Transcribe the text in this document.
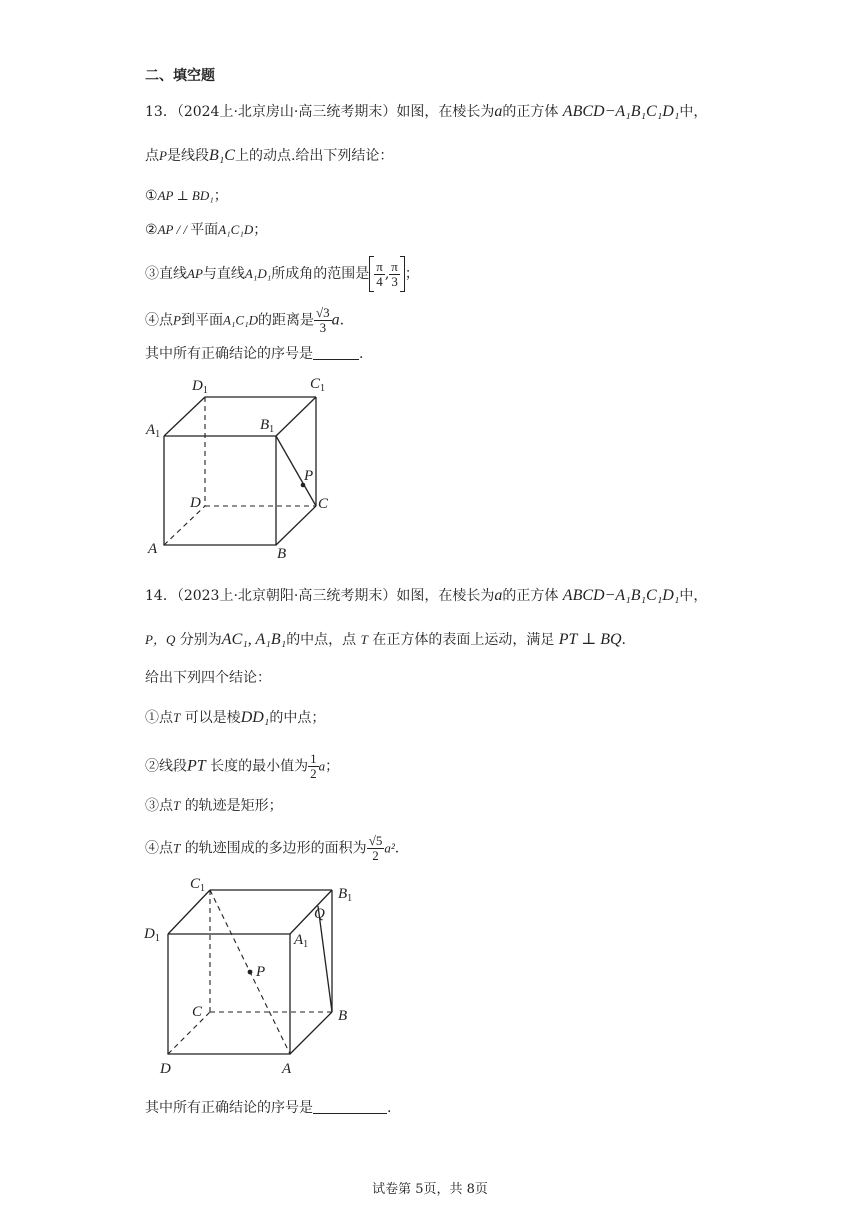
二、填空题
13．（2024上·北京房山·高三统考期末）如图，在棱长为a的正方体 ABCD−A₁B₁C₁D₁中，
点P是线段B₁C上的动点.给出下列结论：
①AP ⊥ BD₁；
②AP / / 平面A₁C₁D；
③直线AP与直线A₁D₁所成角的范围是 $\frac{\pi}{4}$ , $\frac{\pi}{3}$ ；
④点P到平面A₁C₁D的距离是 $\frac{√3}{3} a$.
其中所有正确结论的序号是	.
$D_1$	$C_1$
$A_1$
$B_1$
P
D	C
A	B
14．（2023上·北京朝阳·高三统考期末）如图，在棱长为a的正方体 ABCD−A₁B₁C₁D₁中，
P，Q 分别为AC₁, A₁B₁的中点，点 T 在正方体的表面上运动，满足 PT ⊥ BQ.
给出下列四个结论：
①点T 可以是棱DD₁的中点；
②线段PT 长度的最小值为 $\frac{1}{2}$ a；
③点T 的轨迹是矩形；
④点T 的轨迹围成的多边形的面积为 $\frac{√5}{2} a^2$.
$C_1$	$B_1$
Q
$D_1$	$A_1$
P
C	B
D	A
其中所有正确结论的序号是	.
试卷第 5页，共 8页
